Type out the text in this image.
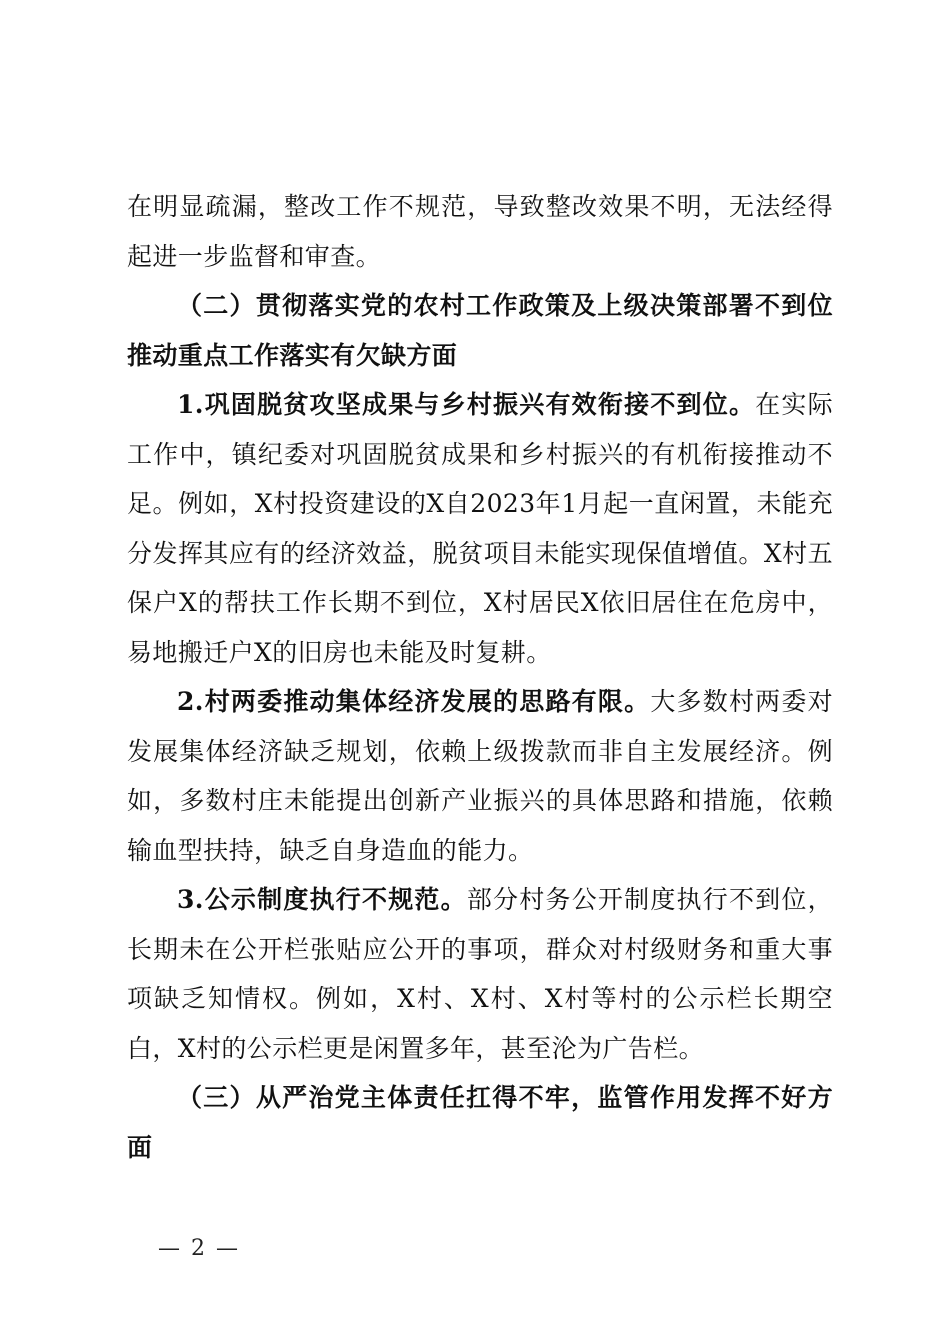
在明显疏漏，整改工作不规范，导致整改效果不明，无法经得起进一步监督和审查。

（二）贯彻落实党的农村工作政策及上级决策部署不到位推动重点工作落实有欠缺方面

1.巩固脱贫攻坚成果与乡村振兴有效衔接不到位。在实际工作中，镇纪委对巩固脱贫成果和乡村振兴的有机衔接推动不足。例如，X村投资建设的X自2023年1月起一直闲置，未能充分发挥其应有的经济效益，脱贫项目未能实现保值增值。X村五保户X的帮扶工作长期不到位，X村居民X依旧居住在危房中，易地搬迁户X的旧房也未能及时复耕。

2.村两委推动集体经济发展的思路有限。大多数村两委对发展集体经济缺乏规划，依赖上级拨款而非自主发展经济。例如，多数村庄未能提出创新产业振兴的具体思路和措施，依赖输血型扶持，缺乏自身造血的能力。

3.公示制度执行不规范。部分村务公开制度执行不到位，长期未在公开栏张贴应公开的事项，群众对村级财务和重大事项缺乏知情权。例如，X村、X村、X村等村的公示栏长期空白，X村的公示栏更是闲置多年，甚至沦为广告栏。

（三）从严治党主体责任扛得不牢，监管作用发挥不好方面

— 2 —
